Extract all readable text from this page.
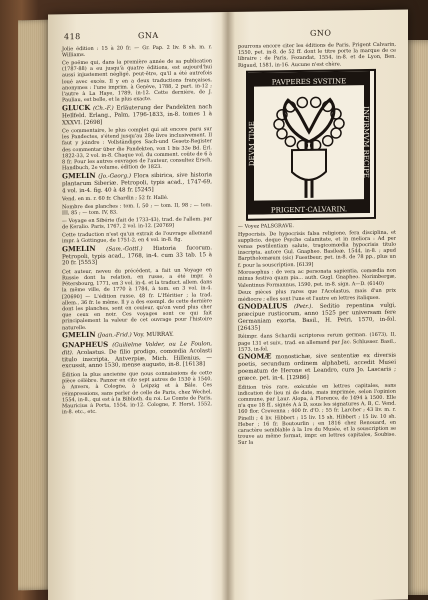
418	GNA	GNO

Jolie édition : 15 à 20 fr. — Gr. Pap. 2 liv. 8 sh. m. r. Williams.

Ce poëme qui, dans la première année de sa publication (1787-88) a eu jusqu'à quatre éditions, est aujourd'hui aussi injustement négligé, peut-être, qu'il a été autrefois loué avec excès. Il y en a deux traductions françaises, anonymes : l'une imprim. à Genève, 1788, 2 part. in-12 ; l'autre à La Haye, 1789, in-12. Cette dernière, de J. Pauliau, est belle, et la plus exacte.

GLUCK (Ch.-F.) Erläuterung der Pandekten nach Hellfeld. Erlang., Palm, 1796-1833, in-8. tomes 1 à XXXVI. [2698]

Ce commentaire, le plus complet qui ait encore paru sur les Pandectes, s'étend jusqu'au 28e livre inclusivement. Il faut y joindre : Vollständiges Sach-und Gesetz-Register des commentar über die Pandekten, von 1 bis 33e Bd. Erl. 1822-33, 2 vol. in-8. Chaque vol. du comment. coûte de 6 à 8 fr. Pour les autres ouvrages de l'auteur, consultez Ersch, Handbuch, 2e volume, édition de 1823.

GMELIN (Jo.-Georg.) Flora sibirica, sive historia plantarum Siberiæ. Petropoli, typis acad., 1747-69, 4 vol. in-4. fig. 40 à 48 fr. [5245]

Vend. en m. r. 60 fr. Chardin ; 52 fr. Hallé.

Nombre des planches : tom. I, 50 ; — tom. II, 98 ; — tom. III, 85 ; — tom. IV, 83.

— Voyage en Sibérie (fait de 1733-43), trad. de l'allem. par de Keralio. Paris, 1767, 2 vol. in-12. [20769]

Cette traduction n'est qu'un extrait de l'ouvrage allemand impr. à Gottingue, de 1751-2, en 4 vol. in-8. fig.

GMELIN (Sam.-Gottl.) Historia fucorum. Petropoli, typis acad., 1768, in-4. cum 33 tab. 15 à 20 fr. [5553]

Cet auteur, neveu du précédent, a fait un Voyage en Russie dont la relation, en russe, a été impr. à Pétersbourg, 1771, en 3 vol. in-4. et la traduct. allem. dans la même ville, de 1770 à 1784, à tom. en 3 vol. in-4. [20690] — L'édition russe, 48 fr. L'Héritier ; la trad. allem., 36 fr. le même. Il y a des exempl. de cette dernière dont les planches, sont en couleur, qu'on vend plus cher que ceux en noir. Ces voyages sont ce qui fait principalement la valeur de cet ouvrage pour l'histoire naturelle.

GMELIN (Joan.-Frid.) Voy. MURRAY.

GNAPHEUS (Guilielme Volder, ou Le Foulon, dit). Acolastus. De filio prodigo, comœdia Acolasti titulo inscripta. Antverpiæ, Mich. Hillenius, — excussit, anno 1530, mense augusto, in-8. [16138]

Édition la plus ancienne que nous connaissions de cette pièce célèbre. Panzer en cite sept autres de 1530 à 1540, à Anvers, à Cologne, à Leipzig et à Bâle. Ces réimpressions, sans parler de celle de Paris, chez Wechel, 1554, in-8., qui est à la Biblioth. du roi. Le Comte de Paris, Mauricius à Porta, 1554, in-12. Cologne, F. Horst, 1552, in-8. etc., etc.

pourrons encore citer les éditions de Paris, Prigent Calvarin, 1550, pet. in-8. de 52 ff. dont le titre porte la marque de ce libraire ; de Paris, Fezandat, 1554, in-8. et de Lyon, Ben. Rigaud, 1581, in-16. Aucune n'est chère.

PAVPERES SVSTINE
PRIGENT·CALVARIN.
DEVM TIME	INFIRMVM RECIPE

— Voyez PALSGRAVE.

Hypocrisis. De hypocrisis falsa religione, fera disciplina, et supplicio, deque Psyche calamitate, et in meliora : Ad per venas pestilentiam salute, tragicomœdia hypocrisis titulo inscripta, autore Gul. Gnapheo. Basileæ, 1544, in-8. ; apud Barptholomæum (sic) Fuestbeur, pet. in-8. de 78 pp., plus un f. pour la souscription. [6139]

Morosophus : de vera ac personata sapientia, comœdia non minus festiva quam pia... auth. Gugl. Gnapheo. Norimbergæ, Valentinus Formannus, 1590, pet. in-8. sign. A—D. (6140)

Deux pièces plus rares que l'Acolastus, mais d'un prix médiocre ; elles sont l'une et l'autre en lettres italiques.

GNODALIUS (Petr.). Seditio repentina vulgi, præcipue rusticorum, anno 1525 per universam fere Germaniam exorta. Basil., H. Petri, 1570, in-fol. [26435]

Réimpr. dans Schardii scriptores rerum german. (1673), II, page 131 et suiv., trad. en allemand par Jac. Schlusser. Basil., 1573, in-fol.

GNOMÆ monostichæ, sive sententiæ ex diversis poetis, secundum ordinem alphabeti, accedit Musei poematum de Herone et Leandro, cura Jo. Lascaris ; græce. pet. in-4. [12986]

Édition très rare, exécutée en lettres capitales, sans indication de lieu ni de date, mais imprimée, selon l'opinion commune, par Laur. Alopa, à Florence, de 1494 à 1500. Elle n'a que 18 ff., signés A à D, sous les signatures A, B, C. Vend. 160 flor. Crevenna ; 400 fr. d'O. ; 55 fr. Larcher ; 43 liv. m. r. Pinelli ; 4 liv. Hibbert ; 15 liv. 15 sh. Hibbert ; 15 liv. 10 sh. Heber ; 16 fr. Boutourlin ; en 1816 chez Renouard, en caractère semblable à la 1re du Musée, et la souscription se trouve au même format, impr. en lettres capitales, Soubise. Sur la
